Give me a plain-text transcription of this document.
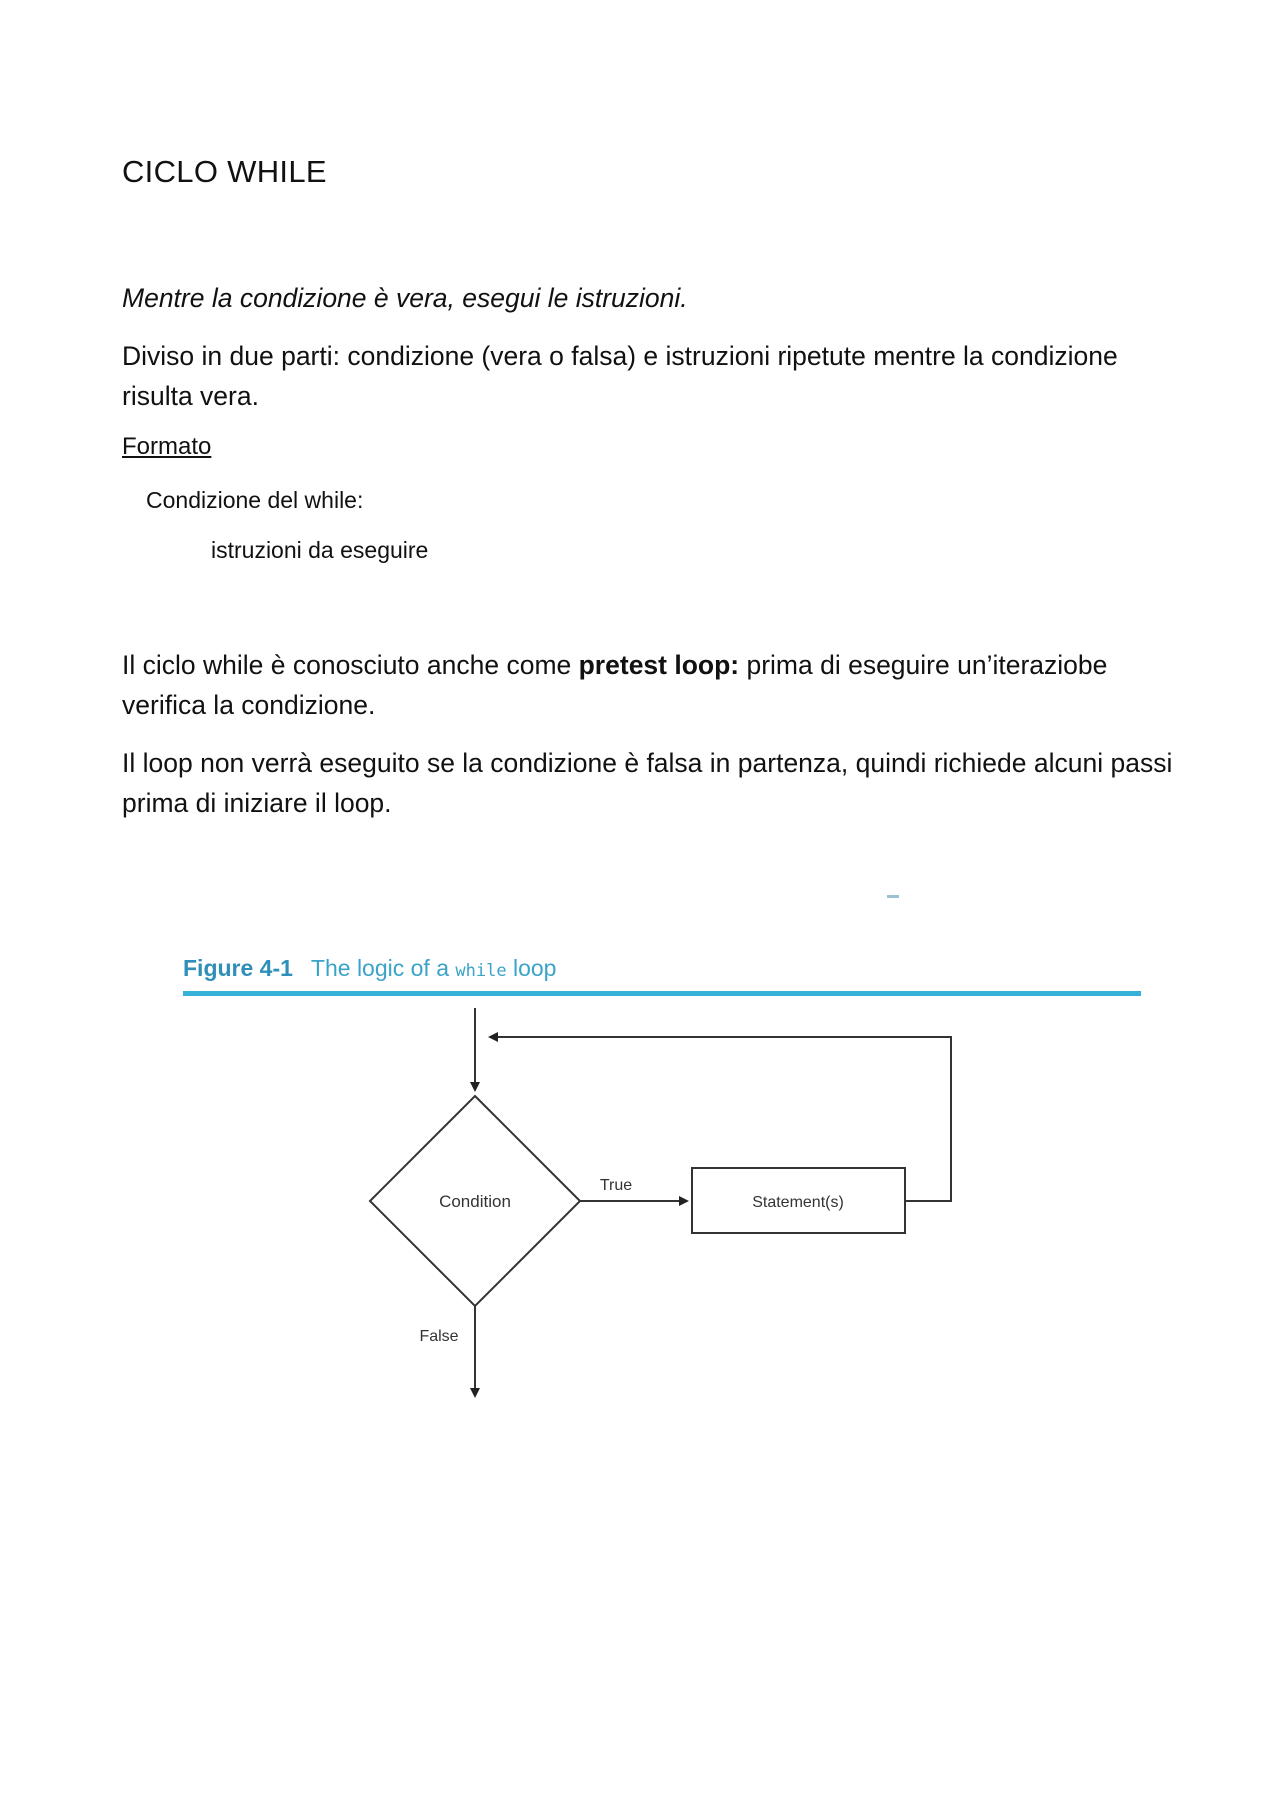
CICLO WHILE

Mentre la condizione è vera, esegui le istruzioni.

Diviso in due parti: condizione (vera o falsa) e istruzioni ripetute mentre la condizione risulta vera.

Formato

Condizione del while:

istruzioni da eseguire

Il ciclo while è conosciuto anche come pretest loop: prima di eseguire un’iteraziobe verifica la condizione.

Il loop non verrà eseguito se la condizione è falsa in partenza, quindi richiede alcuni passi prima di iniziare il loop.

Figure 4-1 The logic of a while loop

Condition
True
Statement(s)
False
